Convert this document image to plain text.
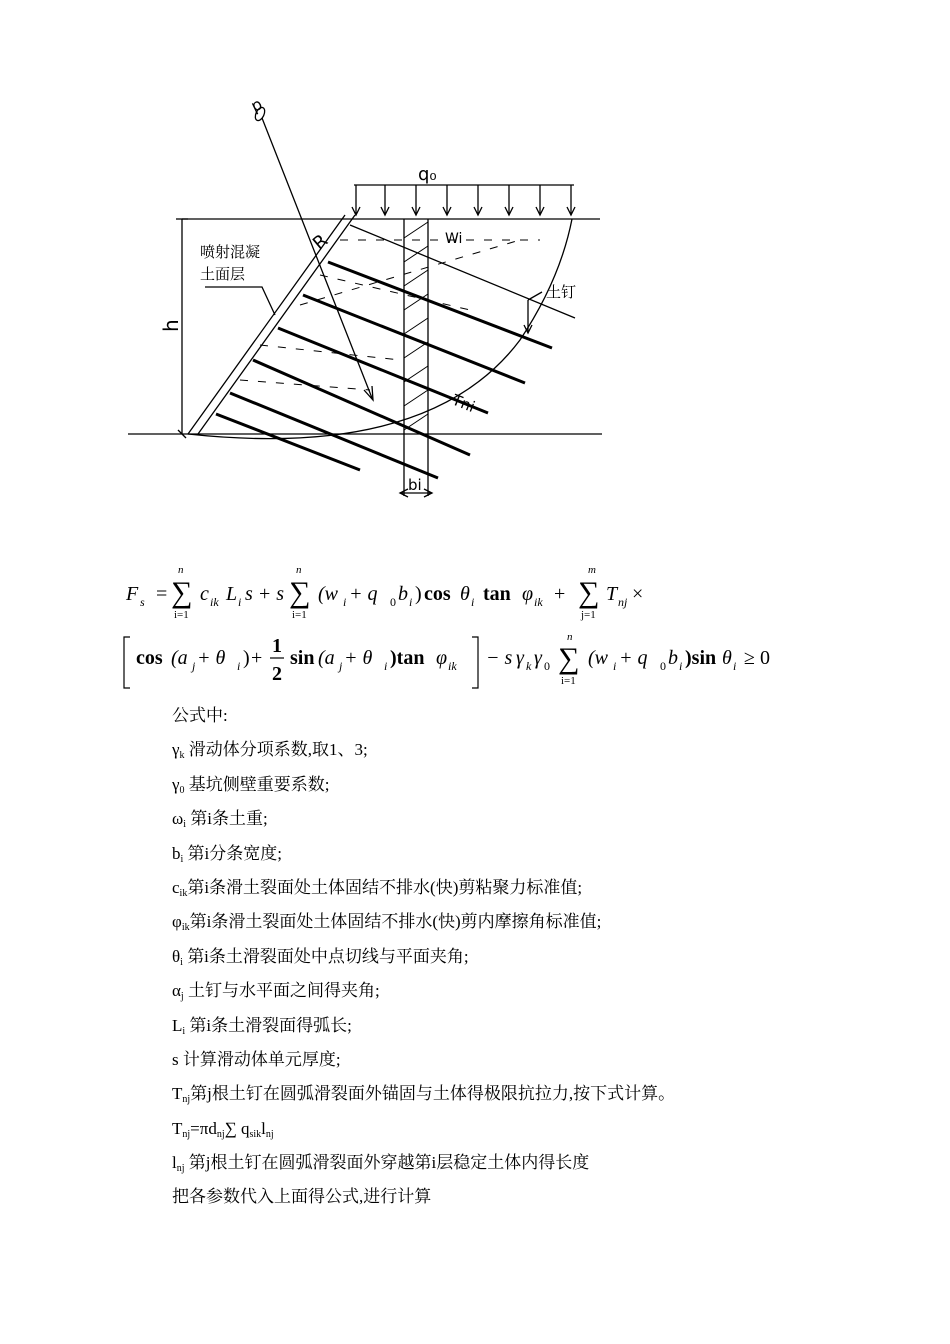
p
q₀
Wi
R
h
喷射混凝
土面层
土钉
Tni
bi
F s =
n
∑
i=1
c ik L i s + s
n
∑
i=1
(w i + q 0 b i ) cos θ i tan φ ik +
m
∑
j=1
T nj ×
cos (a j + θ i ) +
1
2
sin (a j + θ i )tan φ ik − s γ k γ 0
n
∑
i=1
(w i + q 0 b i )sin θ i ≥ 0
公式中:
$\gamma_k$ 滑动体分项系数,取1、3;
$\gamma_0$ 基坑侧壁重要系数;
$\omega_i$ 第i条土重;
$b_i$ 第i分条宽度;
$c_{ik}$第i条滑土裂面处土体固结不排水(快)剪粘聚力标准值;
$\varphi_{ik}$第i条滑土裂面处土体固结不排水(快)剪内摩擦角标准值;
$\theta_i$ 第i条土滑裂面处中点切线与平面夹角;
$\alpha_j$ 土钉与水平面之间得夹角;
$L_i$ 第i条土滑裂面得弧长;
s 计算滑动体单元厚度;
$T_{nj}$第j根土钉在圆弧滑裂面外锚固与土体得极限抗拉力,按下式计算。
$T_{nj}=\pi d_{nj}\sum$ $q_{sik}l_{nj}$
$l_{nj}$ 第j根土钉在圆弧滑裂面外穿越第i层稳定土体内得长度
把各参数代入上面得公式,进行计算
